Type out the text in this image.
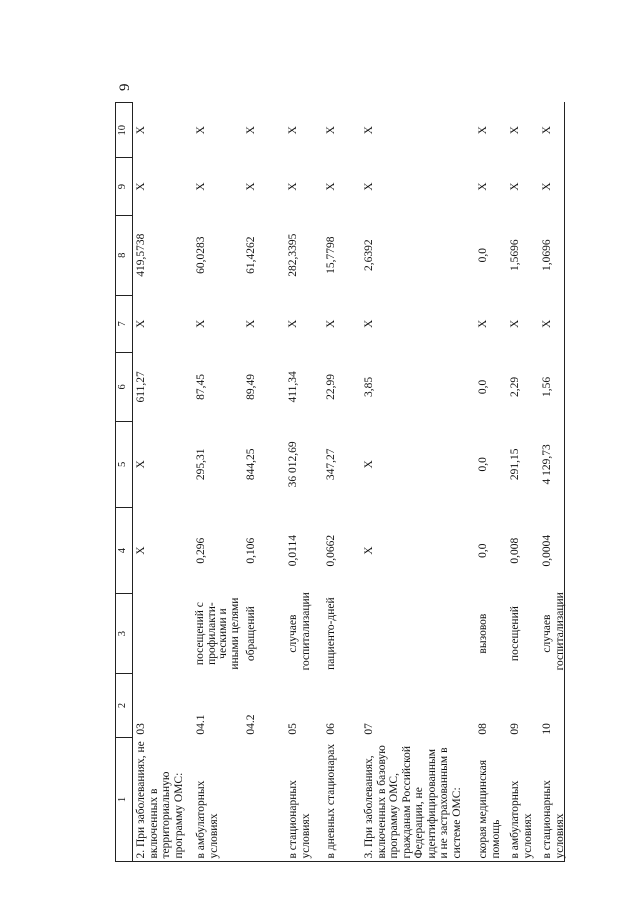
1	2	3	4	5	6	7	8	9	10
2. При заболеваниях, не включенных в территориальную программу ОМС:	03		X	X	611,27	X	419,5738	X	X
в амбулаторных условиях	04.1	посещений с профилакти-ческими и иными целями	0,296	295,31	87,45	X	60,0283	X	X
	04.2	обращений	0,106	844,25	89,49	X	61,4262	X	X
в стационарных условиях	05	случаев госпитализации	0,0114	36 012,69	411,34	X	282,3395	X	X
в дневных стационарах	06	пациенто-дней	0,0662	347,27	22,99	X	15,7798	X	X
3. При заболеваниях, включенных в базовую программу ОМС, гражданам Российской Федерации, не идентифицированным и не застрахованным в системе ОМС:	07		X	X	3,85	X	2,6392	X	X
скорая медицинская помощь	08	вызовов	0,0	0,0	0,0	X	0,0	X	X
в амбулаторных условиях	09	посещений	0,008	291,15	2,29	X	1,5696	X	X
в стационарных условиях	10	случаев госпитализации	0,0004	4 129,73	1,56	X	1,0696	X	X
9
